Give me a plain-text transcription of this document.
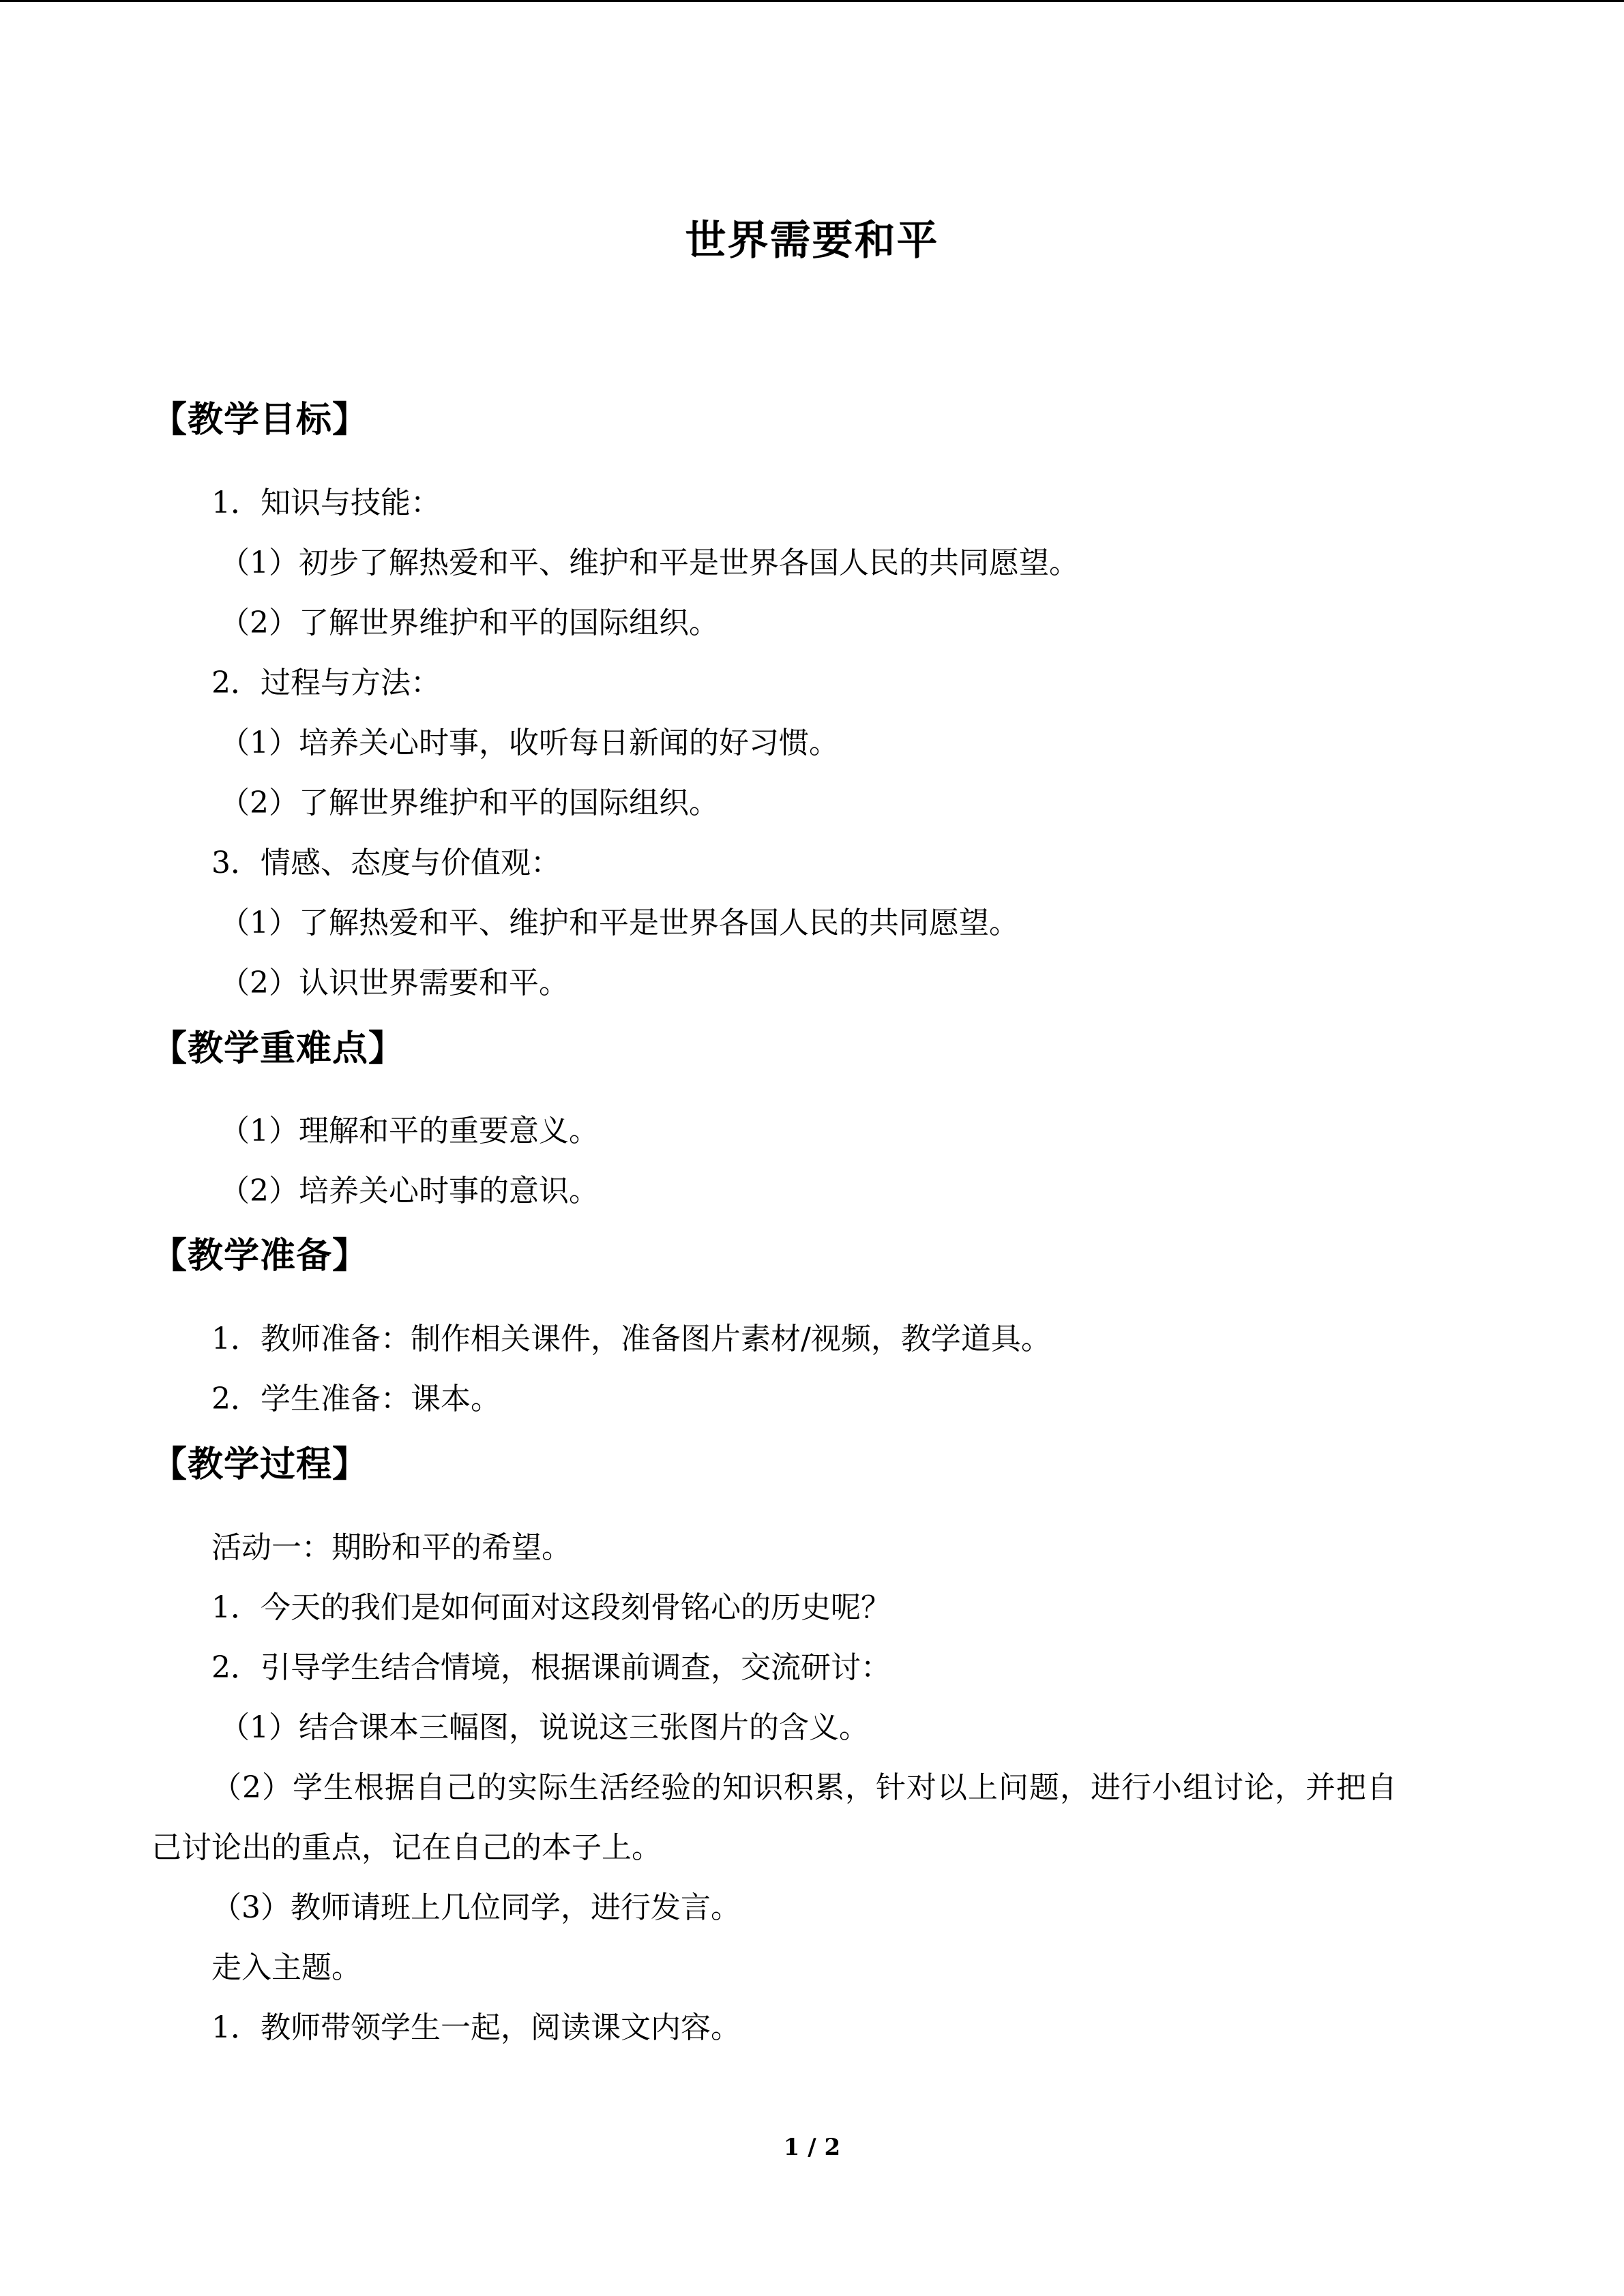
世界需要和平
【教学目标】
1．知识与技能：
（1）初步了解热爱和平、维护和平是世界各国人民的共同愿望。
（2）了解世界维护和平的国际组织。
2．过程与方法：
（1）培养关心时事，收听每日新闻的好习惯。
（2）了解世界维护和平的国际组织。
3．情感、态度与价值观：
（1）了解热爱和平、维护和平是世界各国人民的共同愿望。
（2）认识世界需要和平。
【教学重难点】
（1）理解和平的重要意义。
（2）培养关心时事的意识。
【教学准备】
1．教师准备：制作相关课件，准备图片素材/视频，教学道具。
2．学生准备：课本。
【教学过程】
活动一：期盼和平的希望。
1．今天的我们是如何面对这段刻骨铭心的历史呢？
2．引导学生结合情境，根据课前调查，交流研讨：
（1）结合课本三幅图，说说这三张图片的含义。
（2）学生根据自己的实际生活经验的知识积累，针对以上问题，进行小组讨论，并把自
己讨论出的重点，记在自己的本子上。
（3）教师请班上几位同学，进行发言。
走入主题。
1．教师带领学生一起，阅读课文内容。
1 / 2
